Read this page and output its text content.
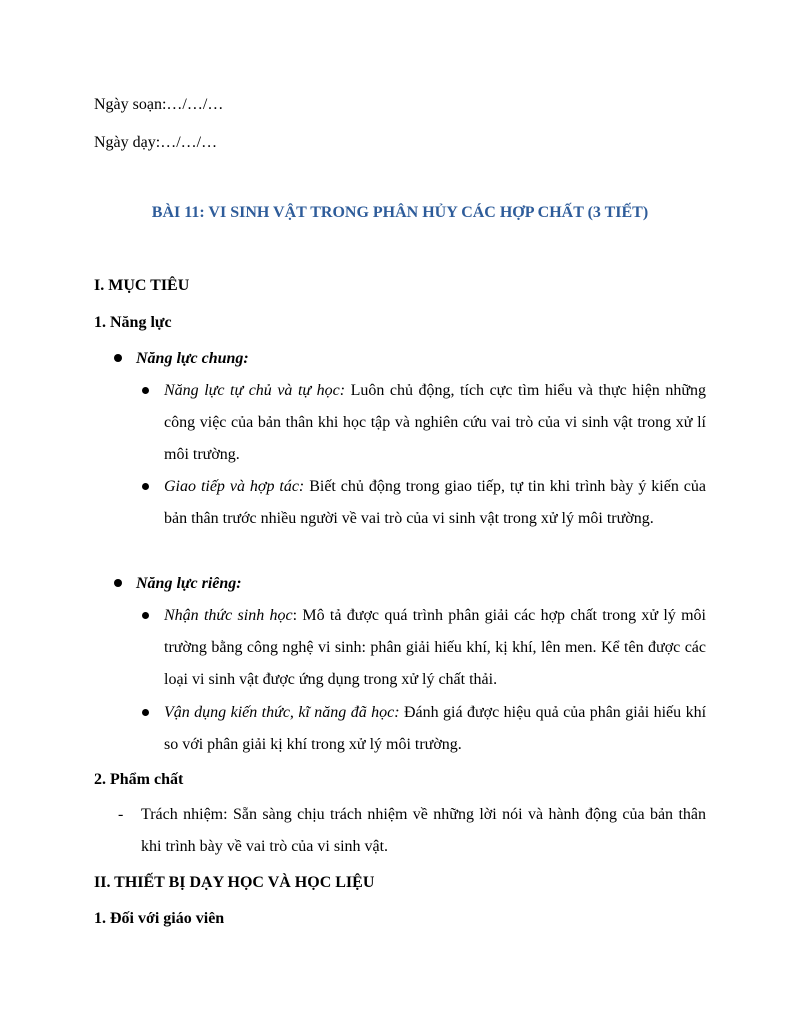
Ngày soạn:…/…/…
Ngày dạy:…/…/…
BÀI 11: VI SINH VẬT TRONG PHÂN HỦY CÁC HỢP CHẤT (3 TIẾT)
I. MỤC TIÊU
1. Năng lực
Năng lực chung:
Năng lực tự chủ và tự học: Luôn chủ động, tích cực tìm hiểu và thực hiện những công việc của bản thân khi học tập và nghiên cứu vai trò của vi sinh vật trong xử lí môi trường.
Giao tiếp và hợp tác: Biết chủ động trong giao tiếp, tự tin khi trình bày ý kiến của bản thân trước nhiều người về vai trò của vi sinh vật trong xử lý môi trường.
Năng lực riêng:
Nhận thức sinh học: Mô tả được quá trình phân giải các hợp chất trong xử lý môi trường bằng công nghệ vi sinh: phân giải hiếu khí, kị khí, lên men. Kể tên được các loại vi sinh vật được ứng dụng trong xử lý chất thải.
Vận dụng kiến thức, kĩ năng đã học: Đánh giá được hiệu quả của phân giải hiếu khí so với phân giải kị khí trong xử lý môi trường.
2. Phẩm chất
- Trách nhiệm: Sẵn sàng chịu trách nhiệm về những lời nói và hành động của bản thân khi trình bày về vai trò của vi sinh vật.
II. THIẾT BỊ DẠY HỌC VÀ HỌC LIỆU
1. Đối với giáo viên
